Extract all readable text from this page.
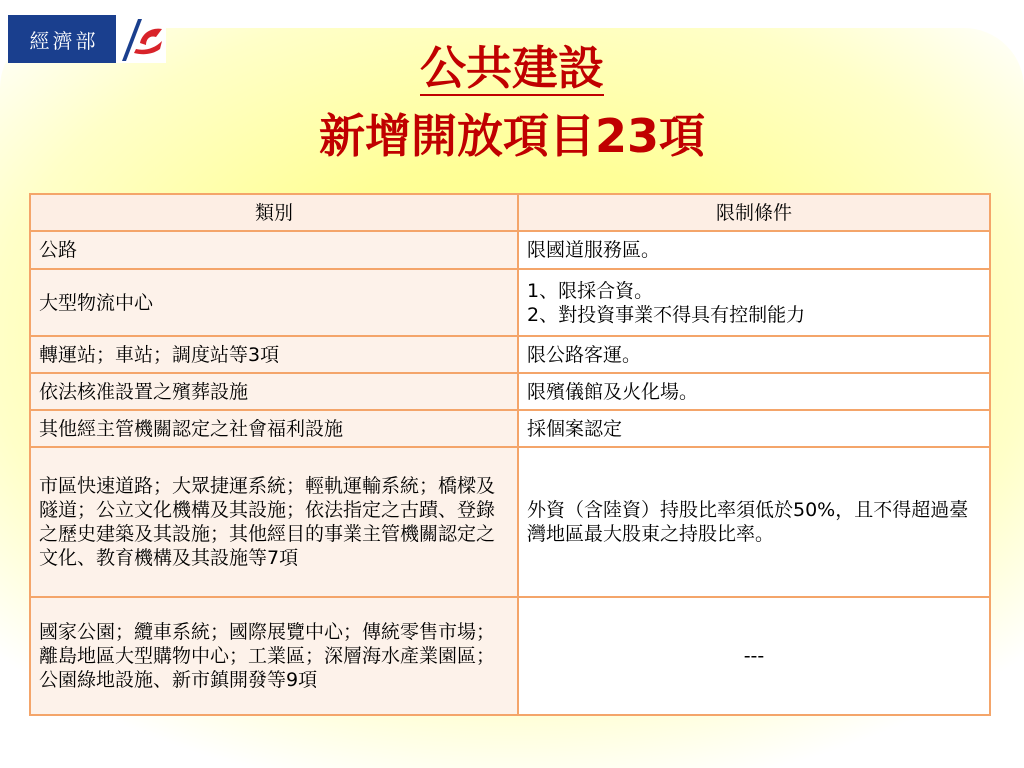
經濟部
公共建設
新增開放項目23項
類別	限制條件
公路	限國道服務區。

大型物流中心	1、限採合資。
2、對投資事業不得具有控制能力

轉運站；車站；調度站等3項	限公路客運。

依法核准設置之殯葬設施	限殯儀館及火化場。

其他經主管機關認定之社會福利設施	採個案認定

市區快速道路；大眾捷運系統；輕軌運輸系統；橋樑及隧道；公立文化機構及其設施；依法指定之古蹟、登錄之歷史建築及其設施；其他經目的事業主管機關認定之文化、教育機構及其設施等7項	外資（含陸資）持股比率須低於50%，且不得超過臺灣地區最大股東之持股比率。

國家公園；纜車系統；國際展覽中心；傳統零售市場；離島地區大型購物中心；工業區；深層海水產業園區；公園綠地設施、新市鎮開發等9項	---
